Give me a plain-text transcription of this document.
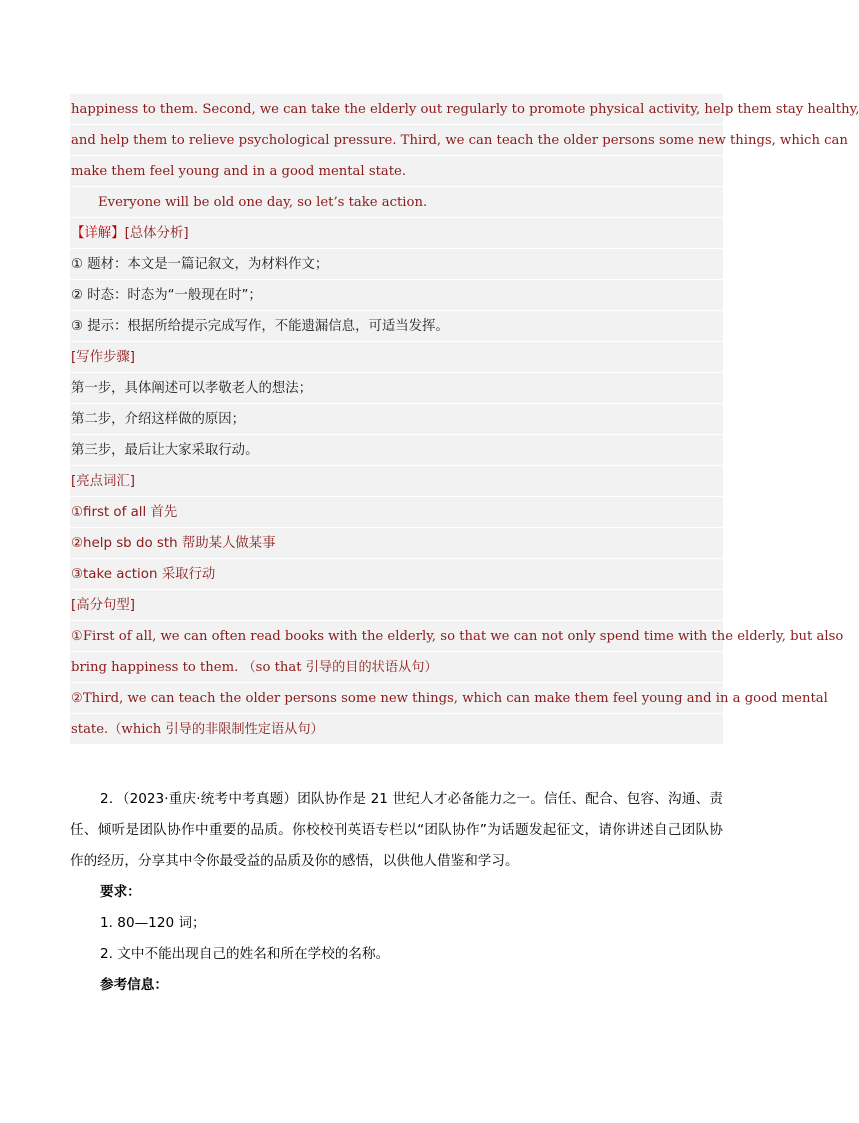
happiness to them. Second, we can take the elderly out regularly to promote physical activity, help them stay healthy,
and help them to relieve psychological pressure. Third, we can teach the older persons some new things, which can
make them feel young and in a good mental state.
Everyone will be old one day, so let’s take action.
【详解】[总体分析]
① 题材：本文是一篇记叙文，为材料作文；
② 时态：时态为“一般现在时”；
③ 提示：根据所给提示完成写作，不能遗漏信息，可适当发挥。
[写作步骤]
第一步，具体阐述可以孝敬老人的想法；
第二步，介绍这样做的原因；
第三步，最后让大家采取行动。
[亮点词汇]
①first of all 首先
②help sb do sth 帮助某人做某事
③take action 采取行动
[高分句型]
①First of all, we can often read books with the elderly, so that we can not only spend time with the elderly, but also
bring happiness to them. （so that 引导的目的状语从句）
②Third, we can teach the older persons some new things, which can make them feel young and in a good mental
state.（which 引导的非限制性定语从句）
2．（2023·重庆·统考中考真题）团队协作是 21 世纪人才必备能力之一。信任、配合、包容、沟通、责
任、倾听是团队协作中重要的品质。你校校刊英语专栏以“团队协作”为话题发起征文，请你讲述自己团队协
作的经历，分享其中令你最受益的品质及你的感悟，以供他人借鉴和学习。
要求：
1. 80—120 词；
2. 文中不能出现自己的姓名和所在学校的名称。
参考信息：
